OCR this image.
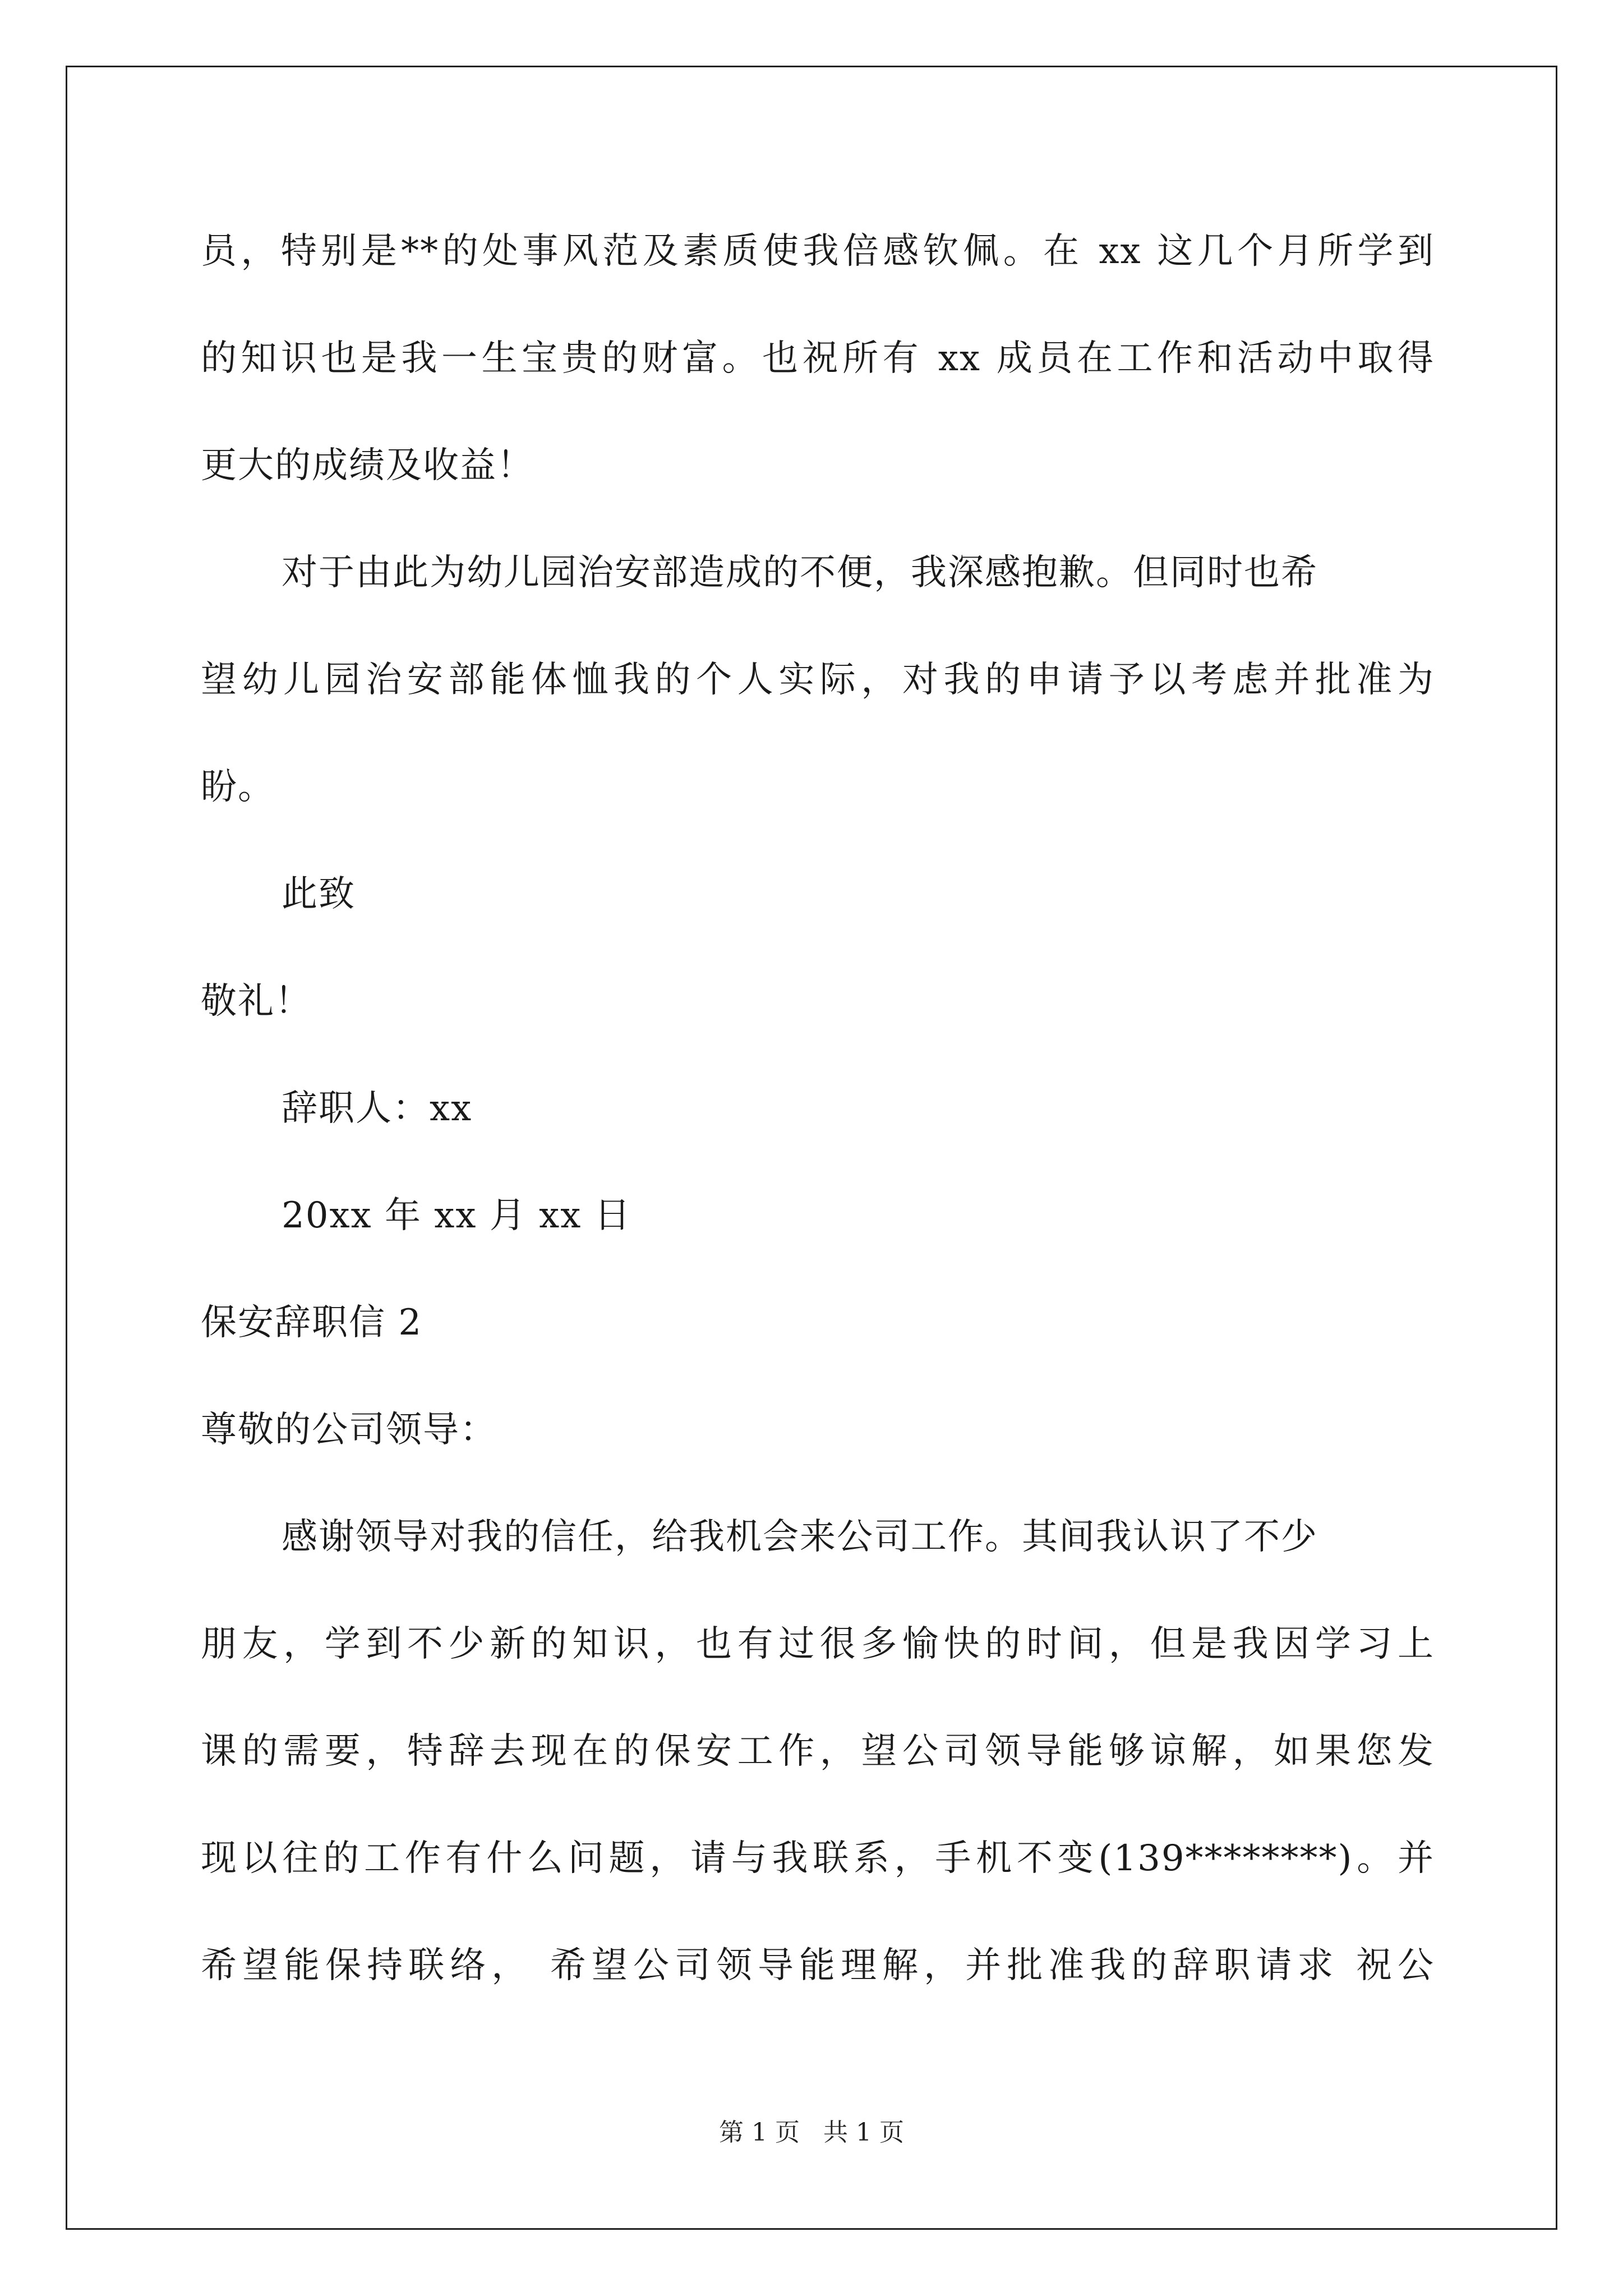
员，特别是**的处事风范及素质使我倍感钦佩。在 xx 这几个月所学到
的知识也是我一生宝贵的财富。也祝所有 xx 成员在工作和活动中取得
更大的成绩及收益！
对于由此为幼儿园治安部造成的不便，我深感抱歉。但同时也希
望幼儿园治安部能体恤我的个人实际，对我的申请予以考虑并批准为
盼。
此致
敬礼！
辞职人：xx
20xx 年 xx 月 xx 日
保安辞职信 2
尊敬的公司领导：
感谢领导对我的信任，给我机会来公司工作。其间我认识了不少
朋友，学到不少新的知识，也有过很多愉快的时间，但是我因学习上
课的需要，特辞去现在的保安工作，望公司领导能够谅解，如果您发
现以往的工作有什么问题，请与我联系，手机不变(139********)。并
希望能保持联络， 希望公司领导能理解，并批准我的辞职请求 祝公
第 1 页   共 1 页
